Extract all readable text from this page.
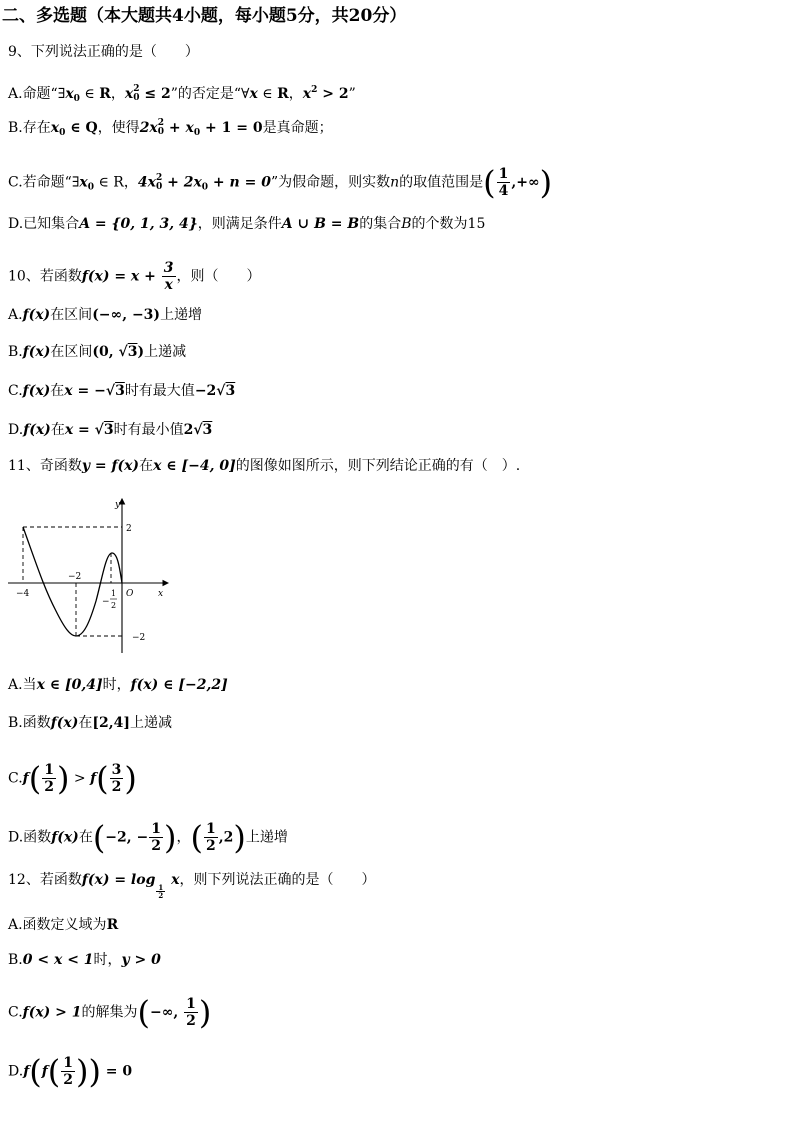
二、多选题（本大题共4小题，每小题5分，共20分）
9、下列说法正确的是（　　）
A.命题“$\exists x_0$ ∈ R，x 2
0 ≤ 2”的否定是“∀x ∈ R，$x^2 > 2$”
B.存在$x_0$ ∈ Q，使得2x 2
$0 + x_0 + 1 = 0$是真命题；
C.若命题“$\exists x_0$ ∈ R，4x 2
$0 + 2x_0 + n = 0$”为假命题，则实数n的取值范围是( $\frac{1}{4}$ ,+∞)
D.已知集合A = {0, 1, 3, 4}，则满足条件A ∪ B = B的集合B的个数为15
10、若函数$f(x) = x + \frac{3}{x}$ ，则（　　）
A.f(x)在区间(−∞, −3)上递增
B.f(x)在区间(0, √3)上递减
C.f(x)在x = −√3时有最大值−2√3
D.f(x)在x = √3时有最小值2√3
11、奇函数y = f(x)在x ∈ [−4, 0]的图像如图所示，则下列结论正确的有（　）.
y
x
O
2
−2
−4
−2
−
1
2
A.当x ∈ [0,4]时，f(x) ∈ [−2,2]
B.函数f(x)在[2,4]上递减
$C.f( \frac{1}{2}$ ) > $f( \frac{3}{2}$ )
D.函数f(x)在(−2, − $\frac{1}{2}$ )，( $\frac{1}{2} ,2$)上递增
12、若函数f(x) = log
$\frac{1}{2}$
x，则下列说法正确的是（　　）
A.函数定义域为R
B.0 < x < 1时，y > 0
C.f(x) > 1的解集为(−∞, $\frac{1}{2}$ )
$D.f(f( \frac{1}{2}$ )) = 0
